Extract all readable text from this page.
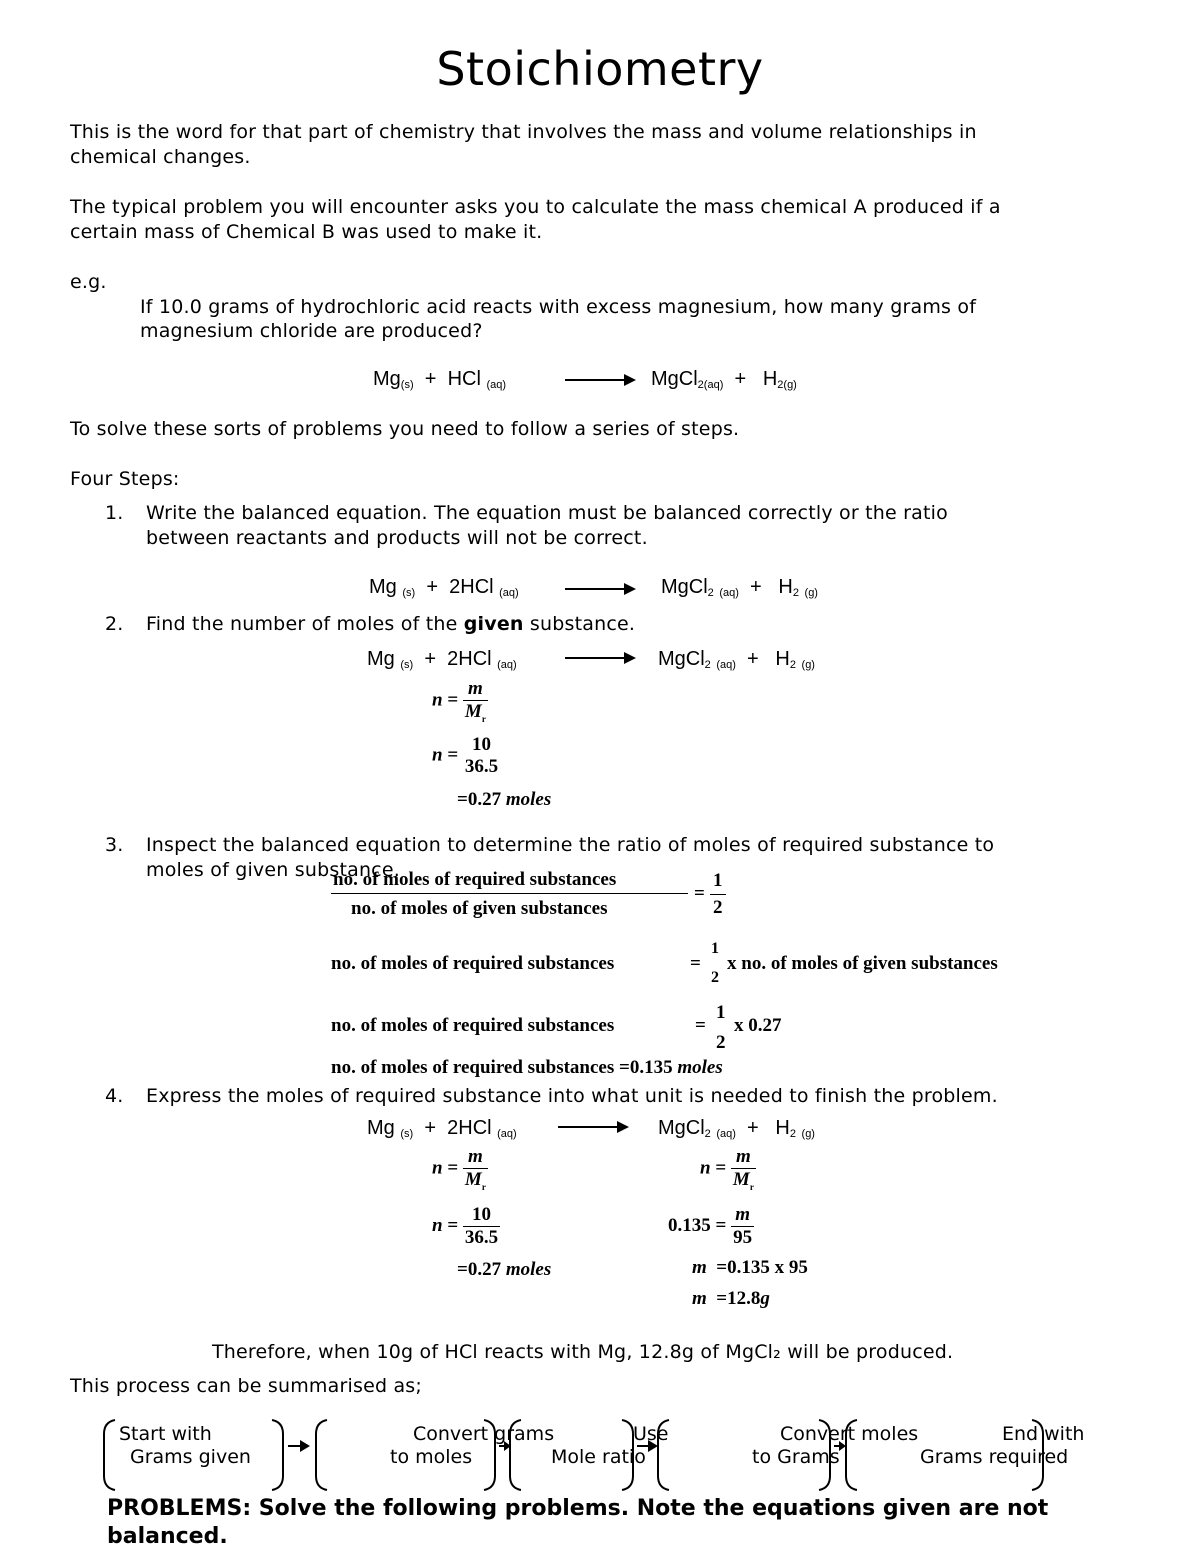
Stoichiometry
This is the word for that part of chemistry that involves the mass and volume relationships in
chemical changes.
The typical problem you will encounter asks you to calculate the mass chemical A produced if a
certain mass of Chemical B was used to make it.
e.g.
If 10.0 grams of hydrochloric acid reacts with excess magnesium, how many grams of
magnesium chloride are produced?
$Mg_{(s)}$ + HCl $_{(aq)}$	MgCl$_{2(aq)}$  +   $H_{2(g)}$
To solve these sorts of problems you need to follow a series of steps.
Four Steps:
1. Write the balanced equation. The equation must be balanced correctly or the ratio
between reactants and products will not be correct.
Mg $_{(s)}$ + 2HCl $_{(aq)}$	MgCl$_2$ $_{(aq)} + H_2$ $_{(g)}$
2. Find the number of moles of the given substance.
Mg $_{(s)}$ + 2HCl $_{(aq)}$	MgCl$_2$ $_{(aq)} + H_2$ $_{(g)}$
$n = \frac{m}{M_r}$
n = 10
36.5
=0.27 moles
3. Inspect the balanced equation to determine the ratio of moles of required substance to
moles of given substance.
no. of moles of required substances
no. of moles of given substances
=
1
2
no. of moles of required substances	=
1
2
x no. of moles of given substances
no. of moles of required substances	=
1
2
x 0.27
no. of moles of required substances =0.135 moles
4. Express the moles of required substance into what unit is needed to finish the problem.
Mg $_{(s)}$ + 2HCl $_{(aq)}$	MgCl$_2$ $_{(aq)} + H_2$ $_{(g)}$
$n = \frac{m}{M_r}$
$n = \frac{10}{36.5}$
=0.27 moles
$n = \frac{m}{M_r}$
$0.135 = \frac{m}{95}$
m =0.135 x 95
m =12.8g
Therefore, when 10g of HCl reacts with Mg, 12.8g of MgCl₂ will be produced.
This process can be summarised as;
Start with
Grams given
Convert grams
to moles
Use
Mole ratio
Convert moles
to Grams
End with
Grams required
PROBLEMS: Solve the following problems. Note the equations given are not
balanced.
